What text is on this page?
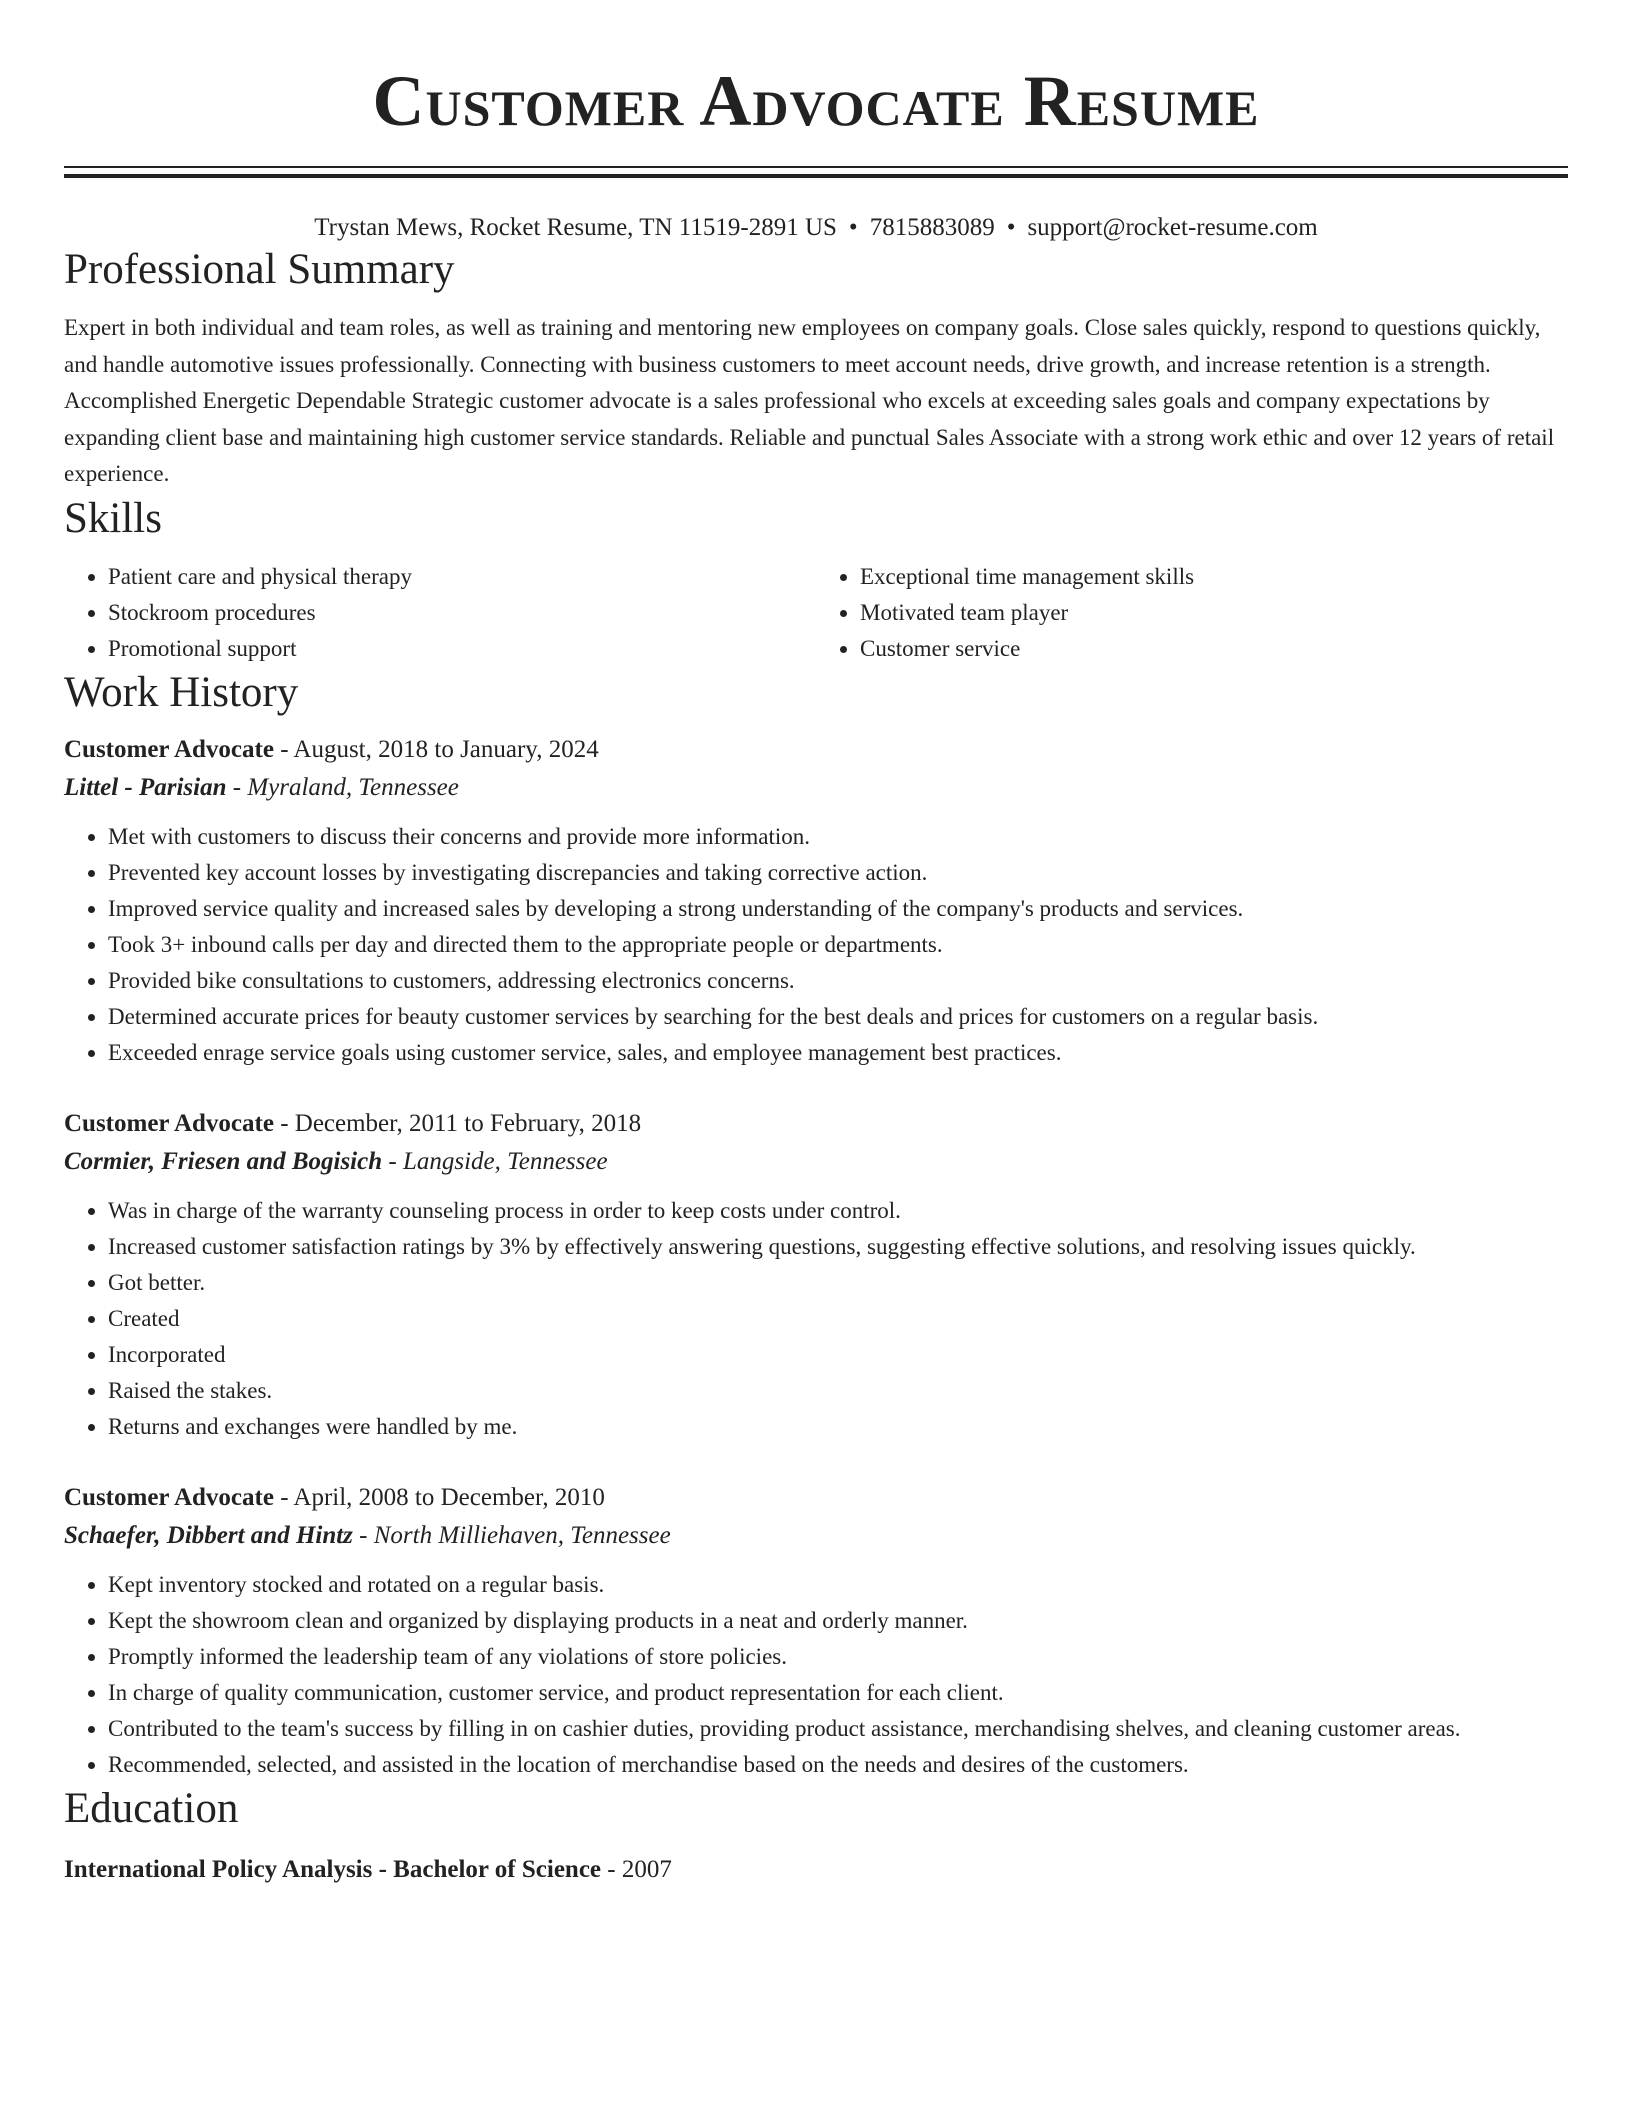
Customer Advocate Resume
Trystan Mews, Rocket Resume, TN 11519-2891 US • 7815883089 • support@rocket-resume.com
Professional Summary
Expert in both individual and team roles, as well as training and mentoring new employees on company goals. Close sales quickly, respond to questions quickly, and handle automotive issues professionally. Connecting with business customers to meet account needs, drive growth, and increase retention is a strength. Accomplished Energetic Dependable Strategic customer advocate is a sales professional who excels at exceeding sales goals and company expectations by expanding client base and maintaining high customer service standards. Reliable and punctual Sales Associate with a strong work ethic and over 12 years of retail experience.
Skills
• Patient care and physical therapy
• Stockroom procedures
• Promotional support
• Exceptional time management skills
• Motivated team player
• Customer service
Work History
Customer Advocate - August, 2018 to January, 2024
Littel - Parisian - Myraland, Tennessee
• Met with customers to discuss their concerns and provide more information.
• Prevented key account losses by investigating discrepancies and taking corrective action.
• Improved service quality and increased sales by developing a strong understanding of the company's products and services.
• Took 3+ inbound calls per day and directed them to the appropriate people or departments.
• Provided bike consultations to customers, addressing electronics concerns.
• Determined accurate prices for beauty customer services by searching for the best deals and prices for customers on a regular basis.
• Exceeded enrage service goals using customer service, sales, and employee management best practices.
Customer Advocate - December, 2011 to February, 2018
Cormier, Friesen and Bogisich - Langside, Tennessee
• Was in charge of the warranty counseling process in order to keep costs under control.
• Increased customer satisfaction ratings by 3% by effectively answering questions, suggesting effective solutions, and resolving issues quickly.
• Got better.
• Created
• Incorporated
• Raised the stakes.
• Returns and exchanges were handled by me.
Customer Advocate - April, 2008 to December, 2010
Schaefer, Dibbert and Hintz - North Milliehaven, Tennessee
• Kept inventory stocked and rotated on a regular basis.
• Kept the showroom clean and organized by displaying products in a neat and orderly manner.
• Promptly informed the leadership team of any violations of store policies.
• In charge of quality communication, customer service, and product representation for each client.
• Contributed to the team's success by filling in on cashier duties, providing product assistance, merchandising shelves, and cleaning customer areas.
• Recommended, selected, and assisted in the location of merchandise based on the needs and desires of the customers.
Education
International Policy Analysis - Bachelor of Science - 2007
